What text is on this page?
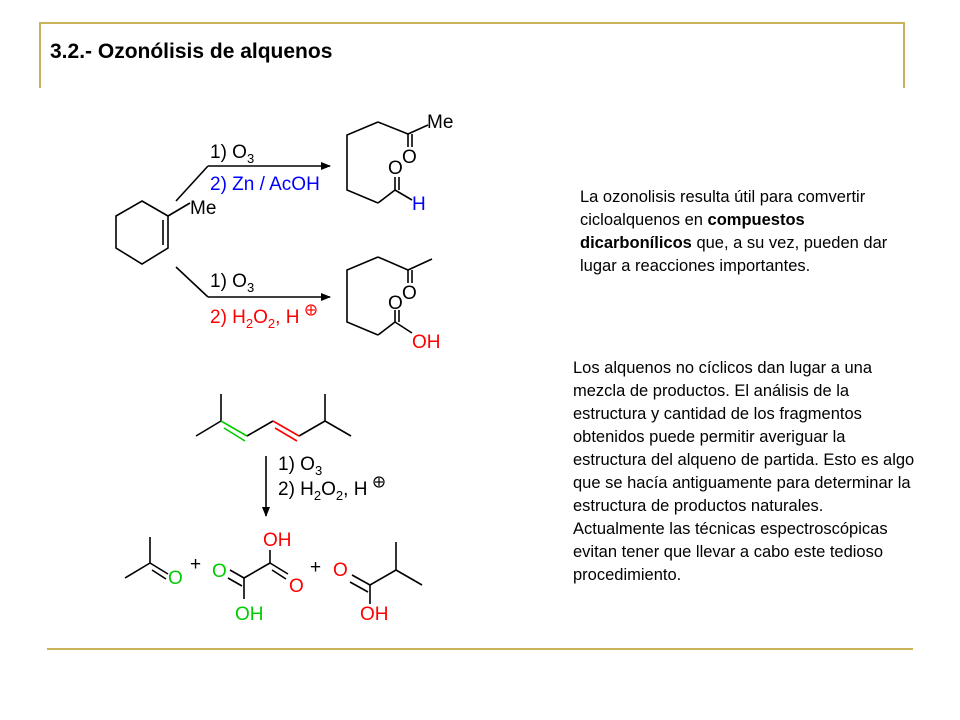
3.2.- Ozonólisis de alquenos
La ozonolisis resulta útil para comvertir cicloalquenos en compuestos dicarbonílicos que, a su vez, pueden dar lugar a reacciones importantes.
Los alquenos no cíclicos dan lugar a una mezcla de productos. El análisis de la estructura y cantidad de los fragmentos obtenidos puede permitir averiguar la estructura del alqueno de partida. Esto es algo que se hacía antiguamente para determinar la estructura de productos naturales. Actualmente las técnicas espectroscópicas evitan tener que llevar a cabo este tedioso procedimiento.
Me
1) $O_3$
2) Zn / AcOH
Me
O
O
H
1) $O_3$
2) $H_2O_2$, H
O
O
OH
1) $O_3$
2) $H_2O_2$, H
O
+
OH
O
O
OH
+ O
OH
